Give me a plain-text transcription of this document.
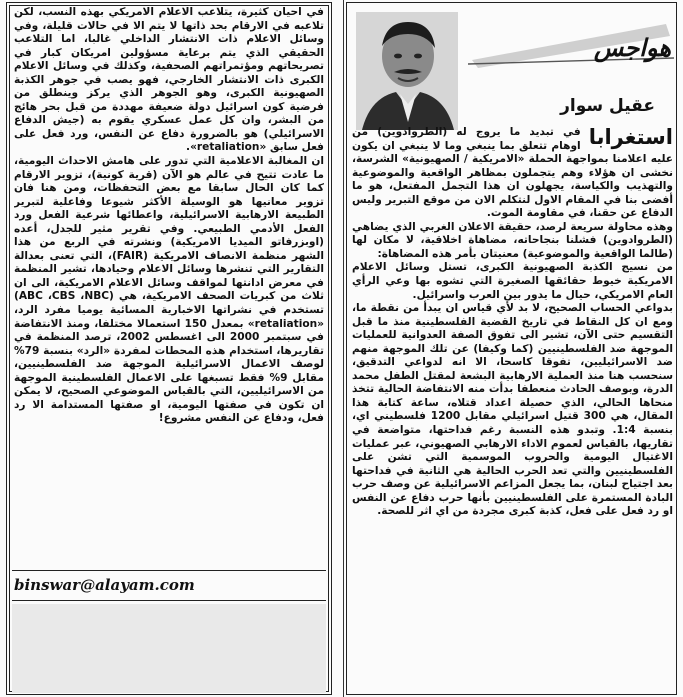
هواجس
عقيل سوار
استغرابا

في تبديد ما يروج له (الطروادوين) من اوهام تتعلق بما ينبغي وما لا ينبغي ان يكون عليه اعلامنا بمواجهة الحملة «الامريكية / الصهيونية» الشرسة، نخشى ان هؤلاء وهم يتجملون بمظاهر الواقعية والموضوعية والتهذيب والكياسة، يجهلون ان هذا التجمل المفتعل، هو ما أفضى بنا في المقام الاول لنتكلم الان من موقع التبرير وليس الدفاع عن حقنا، في مقاومة الموت.

وهذه محاولة سريعة لرصد، حقيقة الاعلان الغربي الذي يضاهي (الطروادوين) فشلنا بنجاحاته، مضاهاة اخلاقية، لا مكان لها (طالما الواقعية والموضوعية) معنيتان بأمر هذه المضاهاة:

من نسيج الكذبة الصهيونية الكبرى، تستل وسائل الاعلام الامريكية خيوط حقائقها الصغيرة التي تشوه بها وعي الرأي العام الامريكي، حيال ما يدور بين العرب واسرائيل.

بدواعي الحساب الصحيح، لا بد لأي قياس ان يبدأ من نقطة ما، ومع ان كل النقاط في تاريخ القضية الفلسطينية منذ ما قبل التقسيم حتى الآن، تشير الى تفوق الصفة العدوانية للعمليات الموجهة ضد الفلسطينيين (كما وكيفا) عن تلك الموجهة منهم ضد الاسرائيليين، تفوقا كاسحا، الا انه لدواعي التدقيق، سنحسب هنا منذ العملية الارهابية البشعة لمقتل الطفل محمد الدرة، وبوصف الحادث منعطفا بدأت منه الانتفاضة الحالية تتخذ منحاها الحالي، الذي حصيلة اعداد قتلاه، ساعة كتابة هذا المقال، هي 300 قتيل اسرائيلي مقابل 1200 فلسطيني اي، بنسبة 1:4. وتبدو هذه النسبة رغم فداحتها، متواضعة في تقاريها، بالقياس لعموم الاداء الارهابي الصهيوني، عبر عمليات الاغتيال اليومية والحروب الموسمية التي تشن على الفلسطينيين والتي تعد الحرب الحالية هي الثانية في فداحتها بعد اجتياح لبنان، بما يجعل المزاعم الاسرائيلية عن وصف حرب البادة المستمرة على الفلسطينيين بأنها حرب دفاع عن النفس او رد فعل على فعل، كذبة كبرى مجردة من اي اثر للصحة.

في احيان كثيرة، يتلاعب الاعلام الامريكي بهذه النسب، لكن تلاعبه في الارقام بحد ذاتها لا يتم الا في حالات قليلة، وفي وسائل الاعلام ذات الانتشار الداخلي غالبا، اما التلاعب الحقيقي الذي يتم برعاية مسؤولين امريكان كبار في تصريحاتهم ومؤتمراتهم الصحفية، وكذلك في وسائل الاعلام الكبرى ذات الانتشار الخارجي، فهو يصب في جوهر الكذبة الصهيونية الكبرى، وهو الجوهر الذي يركز وينطلق من فرضية كون اسرائيل دولة ضعيفة مهددة من قبل بحر هائج من البشر، وان كل عمل عسكري يقوم به (جيش الدفاع الاسرائيلي) هو بالضرورة دفاع عن النفس، ورد فعل على فعل سابق «retaliation».

ان المغالبة الاعلامية التي تدور على هامش الاحداث اليومية، ما عادت تتيح في عالم هو الآن (قرية كونية)، تزوير الارقام كما كان الحال سابقا مع بعض التحفظات، ومن هنا فان تزوير معانيها هو الوسيلة الأكثر شيوعا وفاعلية لتبرير الطبيعة الارهابية الاسرائيلية، واعطائها شرعية الفعل ورد الفعل الأدمي الطبيعي. وفي تقرير مثير للجدل، أعده (اوبزرفاتو الميديا الامريكية) ونشرته في الربع من هذا الشهر منظمة الانصاف الامريكية (FAIR)، التي تعنى بعدالة التقارير التي تنشرها وسائل الاعلام وحيادها، تشير المنظمة في معرض ادانتها لمواقف وسائل الاعلام الامريكية، الى ان ثلاث من كبريات الصحف الامريكية، هي (ABC ،CBS ،NBC) تستخدم في نشراتها الاخبارية المسائية يوميا مفرد الرد، «retaliation» بمعدل 150 استعمالا مختلفا، ومنذ الانتفاضة في سبتمبر 2000 الى اغسطس 2002، ترصد المنظمة في تقاريرها، استخدام هذه المحطات لمفردة «الرد» بنسبة 79% لوصف الاعمال الاسرائيلية الموجهة ضد الفلسطينيين، مقابل 9% فقط تسبغها على الاعمال الفلسطينية الموجهة من الاسرائيليين، التي بالقياس الموضوعي الصحيح، لا يمكن ان تكون في صفتها اليومية، او صفتها المستدامة الا رد فعل، ودفاع عن النفس مشروع!

binswar@alayam.com
